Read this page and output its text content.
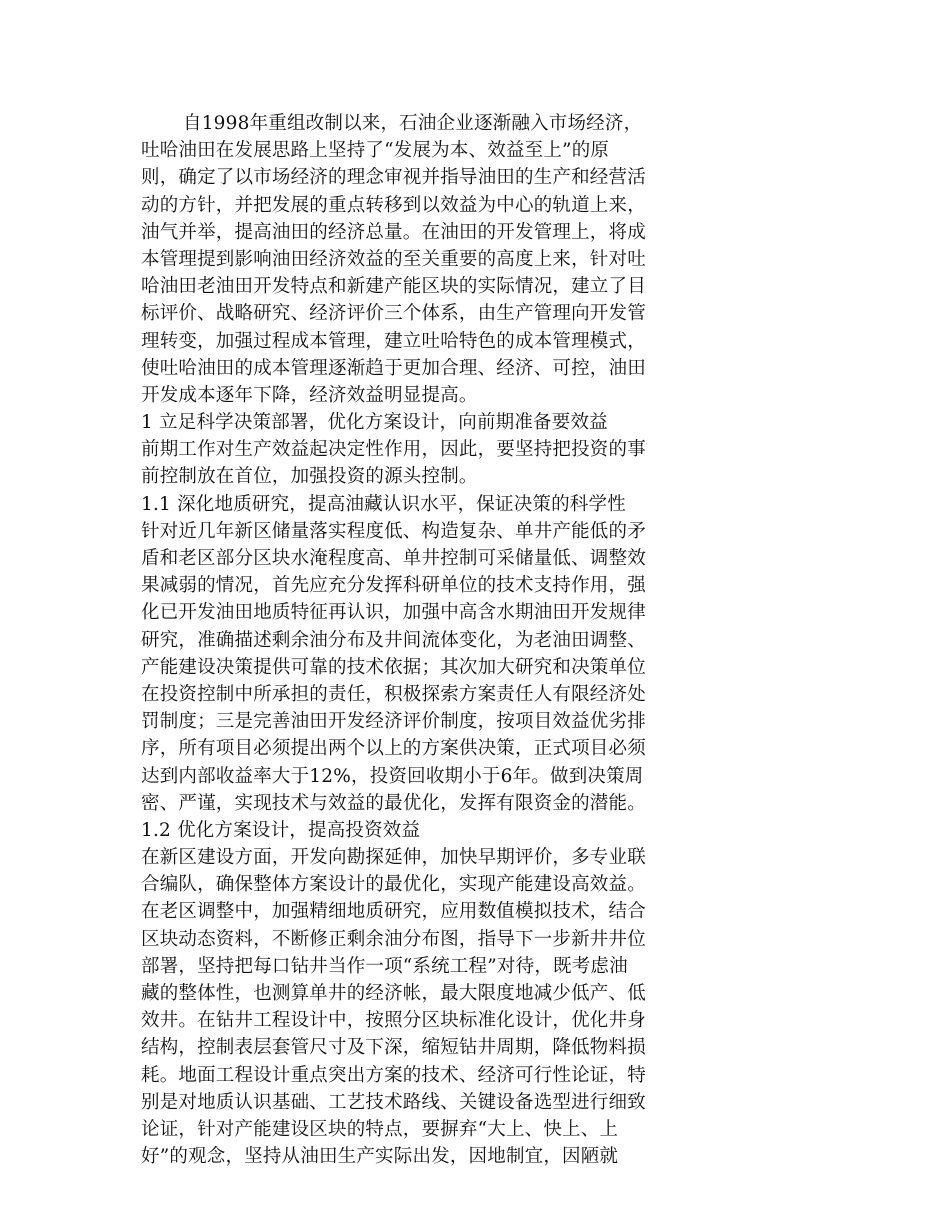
自1998年重组改制以来，石油企业逐渐融入市场经济，
吐哈油田在发展思路上坚持了“发展为本、效益至上”的原
则，确定了以市场经济的理念审视并指导油田的生产和经营活
动的方针，并把发展的重点转移到以效益为中心的轨道上来，
油气并举，提高油田的经济总量。在油田的开发管理上，将成
本管理提到影响油田经济效益的至关重要的高度上来，针对吐
哈油田老油田开发特点和新建产能区块的实际情况，建立了目
标评价、战略研究、经济评价三个体系，由生产管理向开发管
理转变，加强过程成本管理，建立吐哈特色的成本管理模式，
使吐哈油田的成本管理逐渐趋于更加合理、经济、可控，油田
开发成本逐年下降，经济效益明显提高。
1 立足科学决策部署，优化方案设计，向前期准备要效益
前期工作对生产效益起决定性作用，因此，要坚持把投资的事
前控制放在首位，加强投资的源头控制。
1.1 深化地质研究，提高油藏认识水平，保证决策的科学性
针对近几年新区储量落实程度低、构造复杂、单井产能低的矛
盾和老区部分区块水淹程度高、单井控制可采储量低、调整效
果减弱的情况，首先应充分发挥科研单位的技术支持作用，强
化已开发油田地质特征再认识，加强中高含水期油田开发规律
研究，准确描述剩余油分布及井间流体变化，为老油田调整、
产能建设决策提供可靠的技术依据；其次加大研究和决策单位
在投资控制中所承担的责任，积极探索方案责任人有限经济处
罚制度；三是完善油田开发经济评价制度，按项目效益优劣排
序，所有项目必须提出两个以上的方案供决策，正式项目必须
达到内部收益率大于12%，投资回收期小于6年。做到决策周
密、严谨，实现技术与效益的最优化，发挥有限资金的潜能。
1.2 优化方案设计，提高投资效益
在新区建设方面，开发向勘探延伸，加快早期评价，多专业联
合编队，确保整体方案设计的最优化，实现产能建设高效益。
在老区调整中，加强精细地质研究，应用数值模拟技术，结合
区块动态资料，不断修正剩余油分布图，指导下一步新井井位
部署，坚持把每口钻井当作一项“系统工程”对待，既考虑油
藏的整体性，也测算单井的经济帐，最大限度地减少低产、低
效井。在钻井工程设计中，按照分区块标准化设计，优化井身
结构，控制表层套管尺寸及下深，缩短钻井周期，降低物料损
耗。地面工程设计重点突出方案的技术、经济可行性论证，特
别是对地质认识基础、工艺技术路线、关键设备选型进行细致
论证，针对产能建设区块的特点，要摒弃“大上、快上、上
好”的观念，坚持从油田生产实际出发，因地制宜，因陋就
